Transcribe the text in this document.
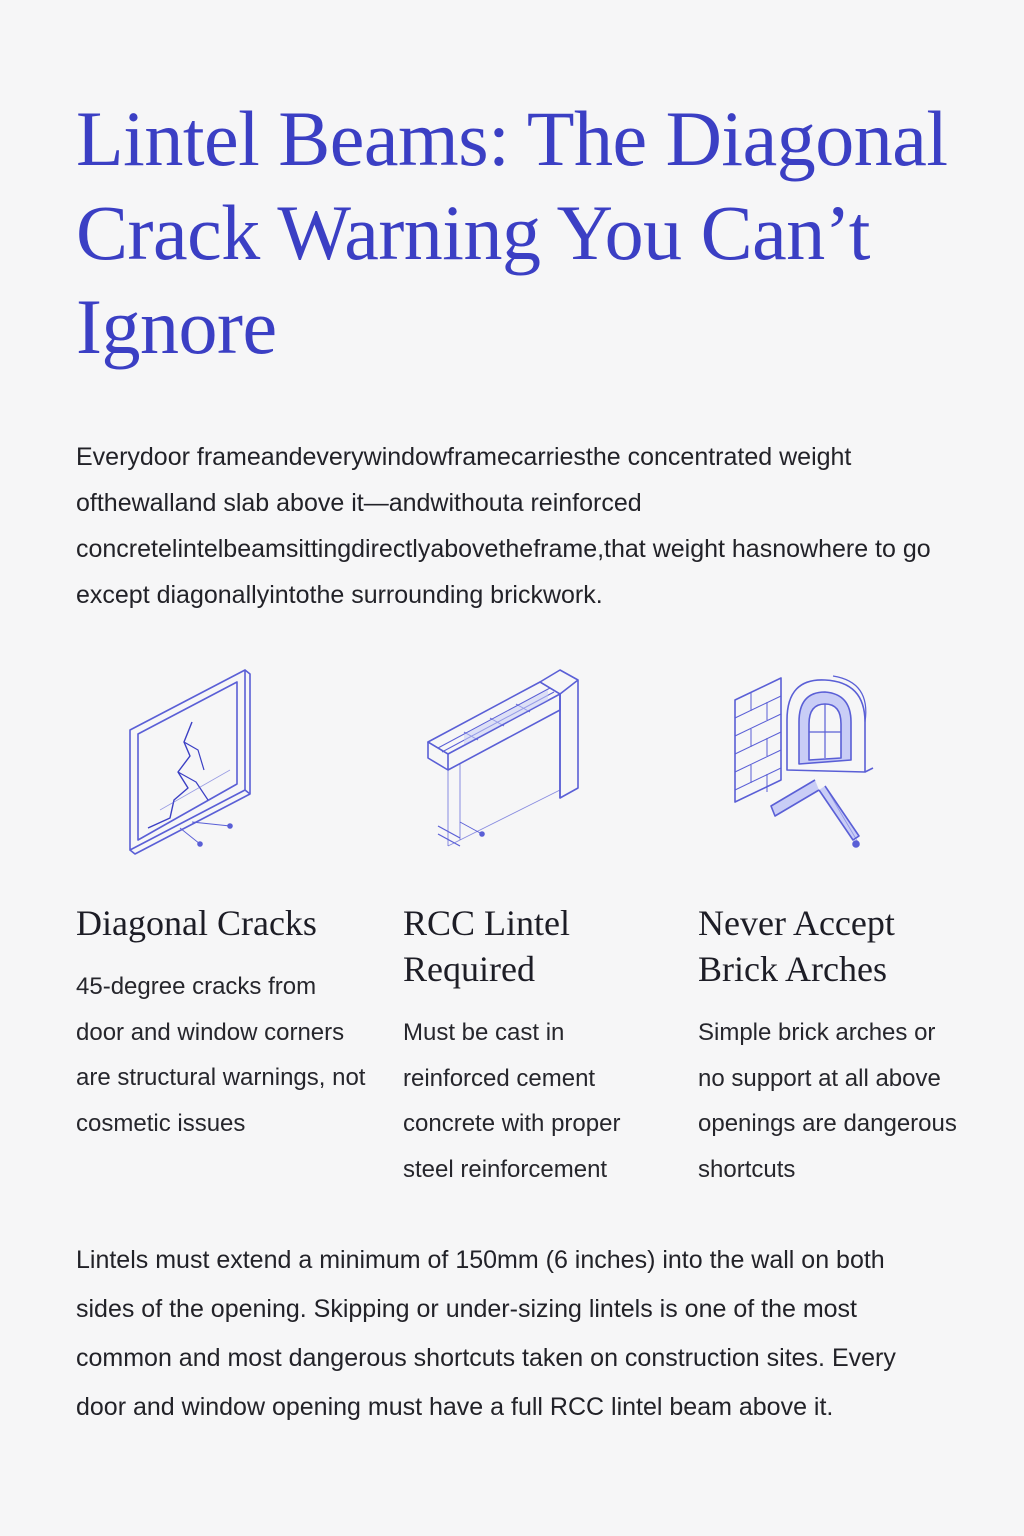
Lintel Beams: The Diagonal Crack Warning You Can’t Ignore

Everydoor frameandeverywindowframecarriesthe concentrated weight ofthewalland slab above it—andwithouta reinforced concretelintelbeamsittingdirectlyabovetheframe,that weight hasnowhere to go except diagonallyintothe surrounding brickwork.

Diagonal Cracks

45-degree cracks from door and window corners are structural warnings, not cosmetic issues

RCC Lintel Required

Must be cast in reinforced cement concrete with proper steel reinforcement

Never Accept Brick Arches

Simple brick arches or no support at all above openings are dangerous shortcuts

Lintels must extend a minimum of 150mm (6 inches) into the wall on both sides of the opening. Skipping or under-sizing lintels is one of the most common and most dangerous shortcuts taken on construction sites. Every door and window opening must have a full RCC lintel beam above it.
